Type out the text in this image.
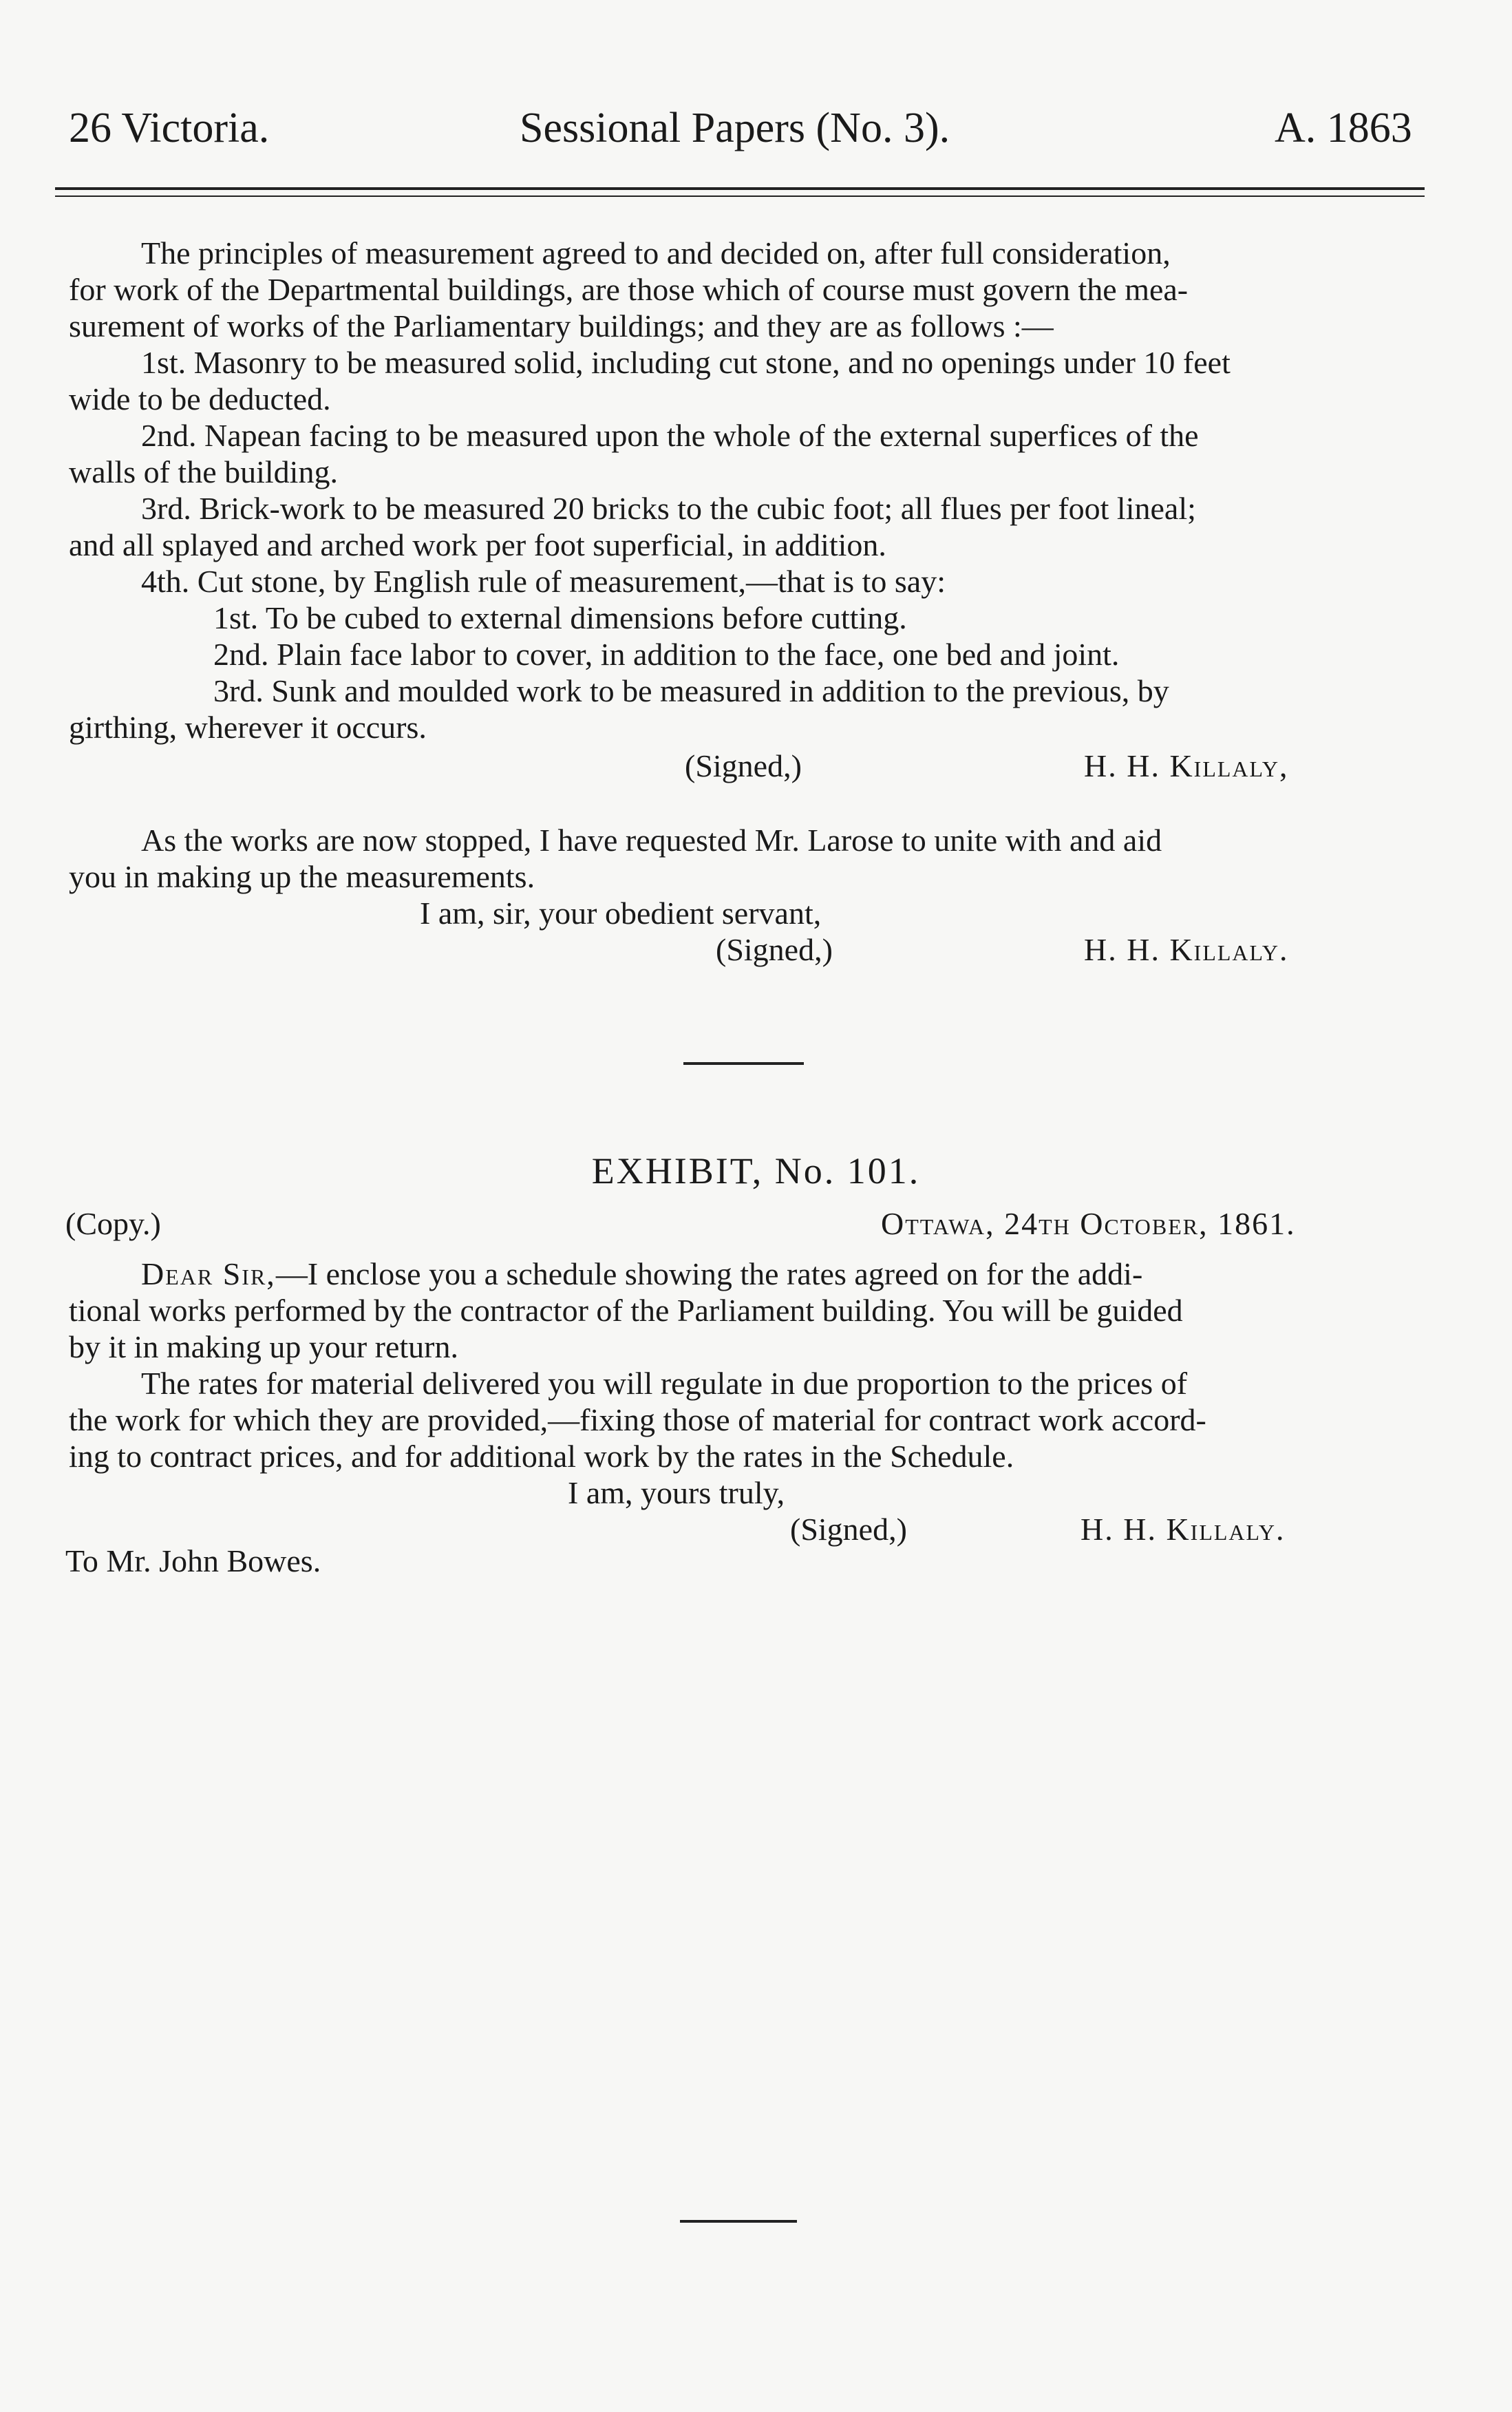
26 Victoria.	Sessional Papers (No. 3).	A. 1863
The principles of measurement agreed to and decided on, after full consideration,
for work of the Departmental buildings, are those which of course must govern the mea-
surement of works of the Parliamentary buildings; and they are as follows :—
1st. Masonry to be measured solid, including cut stone, and no openings under 10 feet
wide to be deducted.
2nd. Napean facing to be measured upon the whole of the external superfices of the
walls of the building.
3rd. Brick-work to be measured 20 bricks to the cubic foot; all flues per foot lineal;
and all splayed and arched work per foot superficial, in addition.
4th. Cut stone, by English rule of measurement,—that is to say:
1st. To be cubed to external dimensions before cutting.
2nd. Plain face labor to cover, in addition to the face, one bed and joint.
3rd. Sunk and moulded work to be measured in addition to the previous, by
girthing, wherever it occurs.
(Signed,)	H. H. Killaly,
As the works are now stopped, I have requested Mr. Larose to unite with and aid
you in making up the measurements.
I am, sir, your obedient servant,
(Signed,)	H. H. Killaly.
EXHIBIT, No. 101.
(Copy.)	Ottawa, 24th October, 1861.
Dear Sir,—I enclose you a schedule showing the rates agreed on for the addi-
tional works performed by the contractor of the Parliament building. You will be guided
by it in making up your return.
The rates for material delivered you will regulate in due proportion to the prices of
the work for which they are provided,—fixing those of material for contract work accord-
ing to contract prices, and for additional work by the rates in the Schedule.
I am, yours truly,
(Signed,)	H. H. Killaly.
To Mr. John Bowes.
